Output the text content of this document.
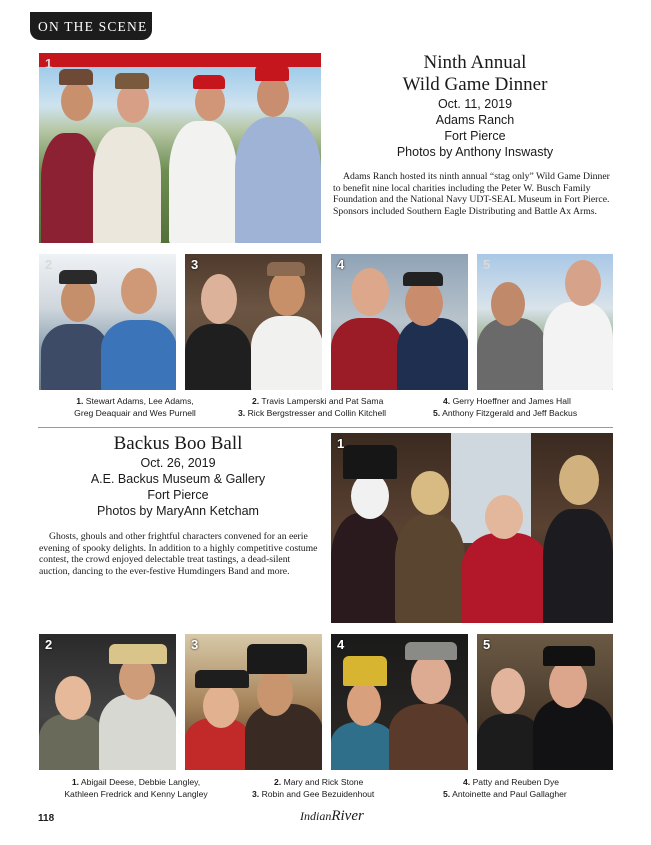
ON THE SCENE
1	Ninth Annual
Wild Game Dinner
Oct. 11, 2019
Adams Ranch
Fort Pierce
Photos by Anthony Inswasty
Adams Ranch hosted its ninth annual “stag only” Wild Game Dinner to benefit nine local charities including the Peter W. Busch Family Foundation and the National Navy UDT-SEAL Museum in Fort Pierce. Sponsors included Southern Eagle Distributing and Battle Ax Arms.
2	3	4	5
1. Stewart Adams, Lee Adams,
Greg Deaquair and Wes Purnell
2. Travis Lamperski and Pat Sama
3. Rick Bergstresser and Collin Kitchell
4. Gerry Hoeffner and James Hall
5. Anthony Fitzgerald and Jeff Backus
Backus Boo Ball
Oct. 26, 2019
A.E. Backus Museum & Gallery
Fort Pierce
Photos by MaryAnn Ketcham
Ghosts, ghouls and other frightful characters convened for an eerie evening of spooky delights. In addition to a highly competitive costume contest, the crowd enjoyed delectable treat tastings, a dead-silent auction, dancing to the ever-festive Humdingers Band and more.
1
2	3	4	5
1. Abigail Deese, Debbie Langley,
Kathleen Fredrick and Kenny Langley
2. Mary and Rick Stone
3. Robin and Gee Bezuidenhout
4. Patty and Reuben Dye
5. Antoinette and Paul Gallagher
118	IndianRiver
